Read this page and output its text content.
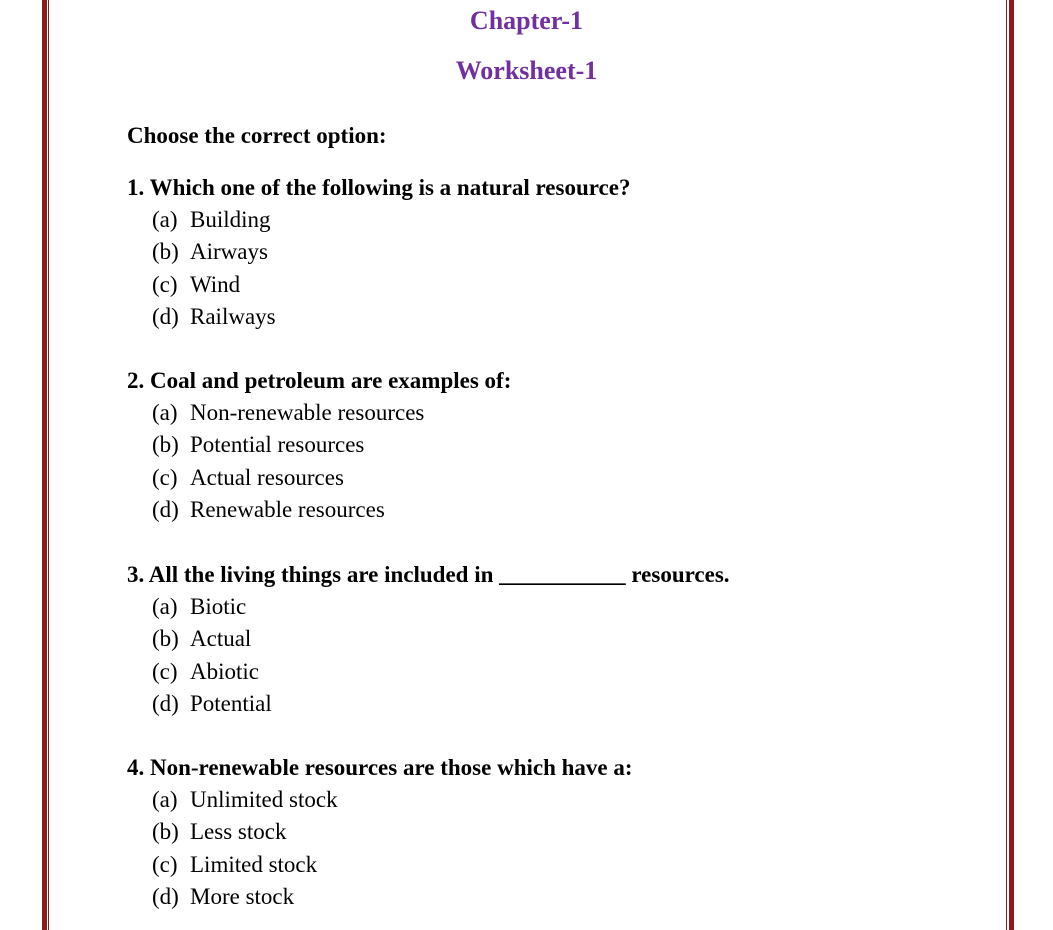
Chapter-1
Worksheet-1
Choose the correct option:

1. Which one of the following is a natural resource?

(a) Building
(b) Airways
(c) Wind
(d) Railways

2. Coal and petroleum are examples of:

(a) Non-renewable resources
(b) Potential resources
(c) Actual resources
(d) Renewable resources

3. All the living things are included in ___________ resources.

(a) Biotic
(b) Actual
(c) Abiotic
(d) Potential

4. Non-renewable resources are those which have a:

(a) Unlimited stock
(b) Less stock
(c) Limited stock
(d) More stock
